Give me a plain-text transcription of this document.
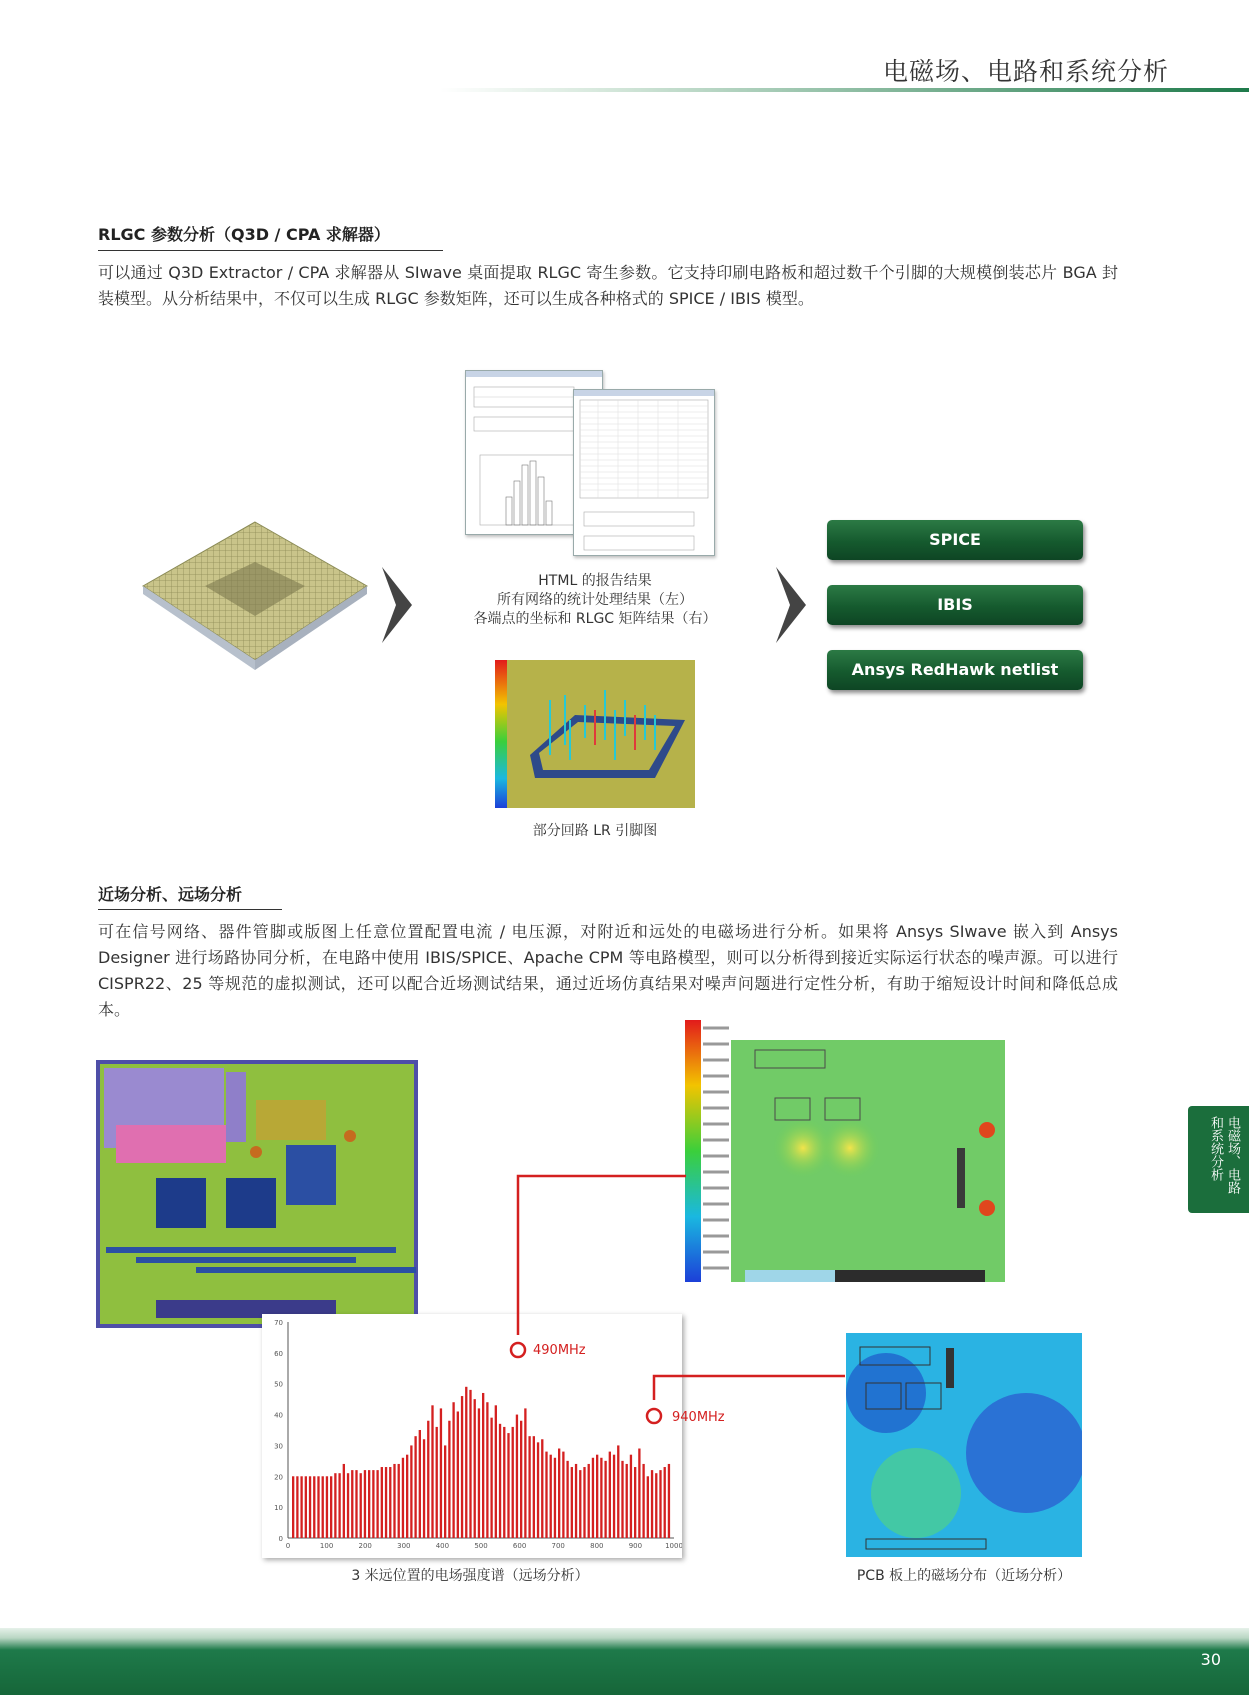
电磁场、电路和系统分析
RLGC 参数分析（Q3D / CPA 求解器）
可以通过 Q3D Extractor / CPA 求解器从 SIwave 桌面提取 RLGC 寄生参数。它支持印刷电路板和超过数千个引脚的大规模倒装芯片 BGA 封装模型。从分析结果中，不仅可以生成 RLGC 参数矩阵，还可以生成各种格式的 SPICE / IBIS 模型。
HTML 的报告结果
所有网络的统计处理结果（左）
各端点的坐标和 RLGC 矩阵结果（右）
部分回路 LR 引脚图
SPICE
IBIS
Ansys RedHawk netlist
近场分析、远场分析
可在信号网络、器件管脚或版图上任意位置配置电流 / 电压源，对附近和远处的电磁场进行分析。如果将 Ansys SIwave 嵌入到 Ansys Designer 进行场路协同分析，在电路中使用 IBIS/SPICE、Apache CPM 等电路模型，则可以分析得到接近实际运行状态的噪声源。可以进行 CISPR22、25 等规范的虚拟测试，还可以配合近场测试结果，通过近场仿真结果对噪声问题进行定性分析，有助于缩短设计时间和降低总成本。
0
10
20
30
40
50
60
70
0	100	200	300	400	500	600	700	800	900	1000
490MHz
940MHz
3 米远位置的电场强度谱（远场分析）	PCB 板上的磁场分布（近场分析）
电磁场、电路和系统分析
30
